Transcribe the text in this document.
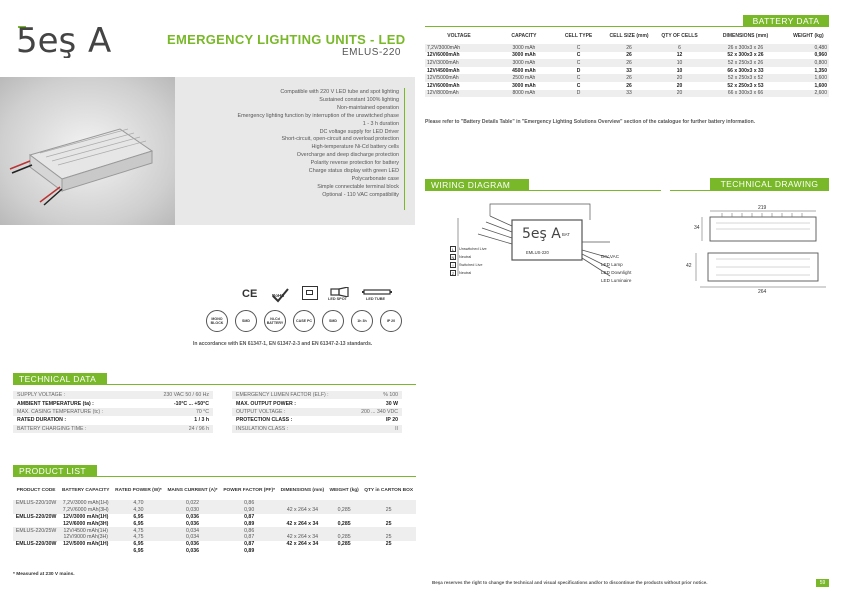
5eş A	EMERGENCY LIGHTING UNITS - LED
EMLUS-220
Compatible with 220 V LED tube and spot lighting
Sustained constant 100% lighting
Non-maintained operation
Emergency lighting function by interruption of the unswitched phase
1 - 3 h duration
DC voltage supply for LED Driver
Short-circuit, open-circuit and overload protection
High-temperature Ni-Cd battery cells
Overcharge and deep discharge protection
Polarity reverse protection for battery
Charge status display with green LED
Polycarbonate case
Simple connectable terminal block
Optional - 110 VAC compatibility
CE	RoHS
LED SPOT	LED TUBE
MONO BLOCK	SMD	Ni-Cd BATTERY	CASE PC	SMD	1h 3h	IP 20
In accordance with EN 61347-1, EN 61347-2-3 and EN 61347-2-13 standards.
BATTERY DATA
VOLTAGE	CAPACITY	CELL TYPE	CELL SIZE (mm)	QTY OF CELLS	DIMENSIONS (mm)	WEIGHT (kg)
7,2V/3000mAh	3000 mAh	C	26	6	26 x 300x3 x 26	0,480
12V/6000mAh	3000 mAh	C	26	12	52 x 300x3 x 26	0,960
12V/3000mAh	3000 mAh	C	26	10	52 x 250x3 x 26	0,800
12V/4500mAh	4500 mAh	D	33	10	66 x 300x3 x 33	1,350
12V/5000mAh	2500 mAh	C	26	20	52 x 250x3 x 52	1,600
12V/6000mAh	3000 mAh	C	26	20	52 x 250x3 x 53	1,600
12V/8000mAh	8000 mAh	D	33	20	66 x 300x3 x 66	2,600
Please refer to "Battery Details Table" in "Emergency Lighting Solutions Overview" section of the catalogue for further battery information.
WIRING DIAGRAM
5eş A
EMLUS-220
BAT
L	Unswitched Live
N	Neutral
⏚ Switched Live
Z	Neutral
DIV VAC
LED Lamp
LED Downlight
LED Luminaire
TECHNICAL DRAWING
219
34
42
264
TECHNICAL DATA
SUPPLY VOLTAGE :	230 VAC 50 / 60 Hz
AMBIENT TEMPERATURE (ta) :	-10°C ... +50°C
MAX. CASING TEMPERATURE (tc) :	70 °C
RATED DURATION :	1 / 3 h
BATTERY CHARGING TIME :	24 / 96 h
EMERGENCY LUMEN FACTOR (ELF) :	% 100
MAX. OUTPUT POWER :	30 W
OUTPUT VOLTAGE :	200 ... 340 VDC
PROTECTION CLASS :	IP 20
INSULATION CLASS :	II
PRODUCT LIST
PRODUCT CODE	BATTERY CAPACITY	RATED POWER (W)*	MAINS CURRENT (A)*	POWER FACTOR (PF)*	DIMENSIONS (mm)	WEIGHT (kg)	QTY in CARTON BOX
EMLUS-220/10W	7,2V/3000 mAh(1H)	4,70	0,022	0,86			
	7,2V/6000 mAh(3H)	4,30	0,030	0,90	42 x 264 x 34	0,285	25
EMLUS-220/20W	12V/3000 mAh(1H)	6,95	0,036	0,87			
	12V/6000 mAh(3H)	6,95	0,036	0,89	42 x 264 x 34	0,285	25
EMLUS-220/25W	12V/4500 mAh(1H)	4,75	0,034	0,86			
	12V/9000 mAh(3H)	4,75	0,034	0,87	42 x 264 x 34	0,285	25
EMLUS-220/30W	12V/5000 mAh(1H)	6,95	0,036	0,87	42 x 264 x 34	0,285	25
		6,95	0,036	0,89			
* Measured at 230 V mains.
Beşa reserves the right to change the technical and visual specifications and/or to discontinue the products without prior notice.	59
